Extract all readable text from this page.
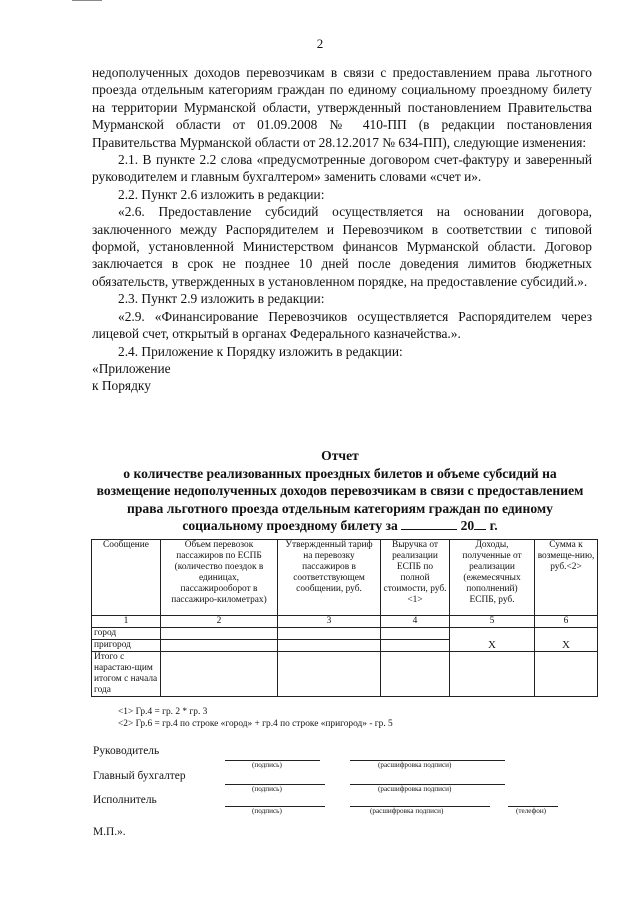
2

недополученных доходов перевозчикам в связи с предоставлением права льготного проезда отдельным категориям граждан по единому социальному проездному билету на территории Мурманской области, утвержденный постановлением Правительства Мурманской области от 01.09.2008 № 410-ПП (в редакции постановления Правительства Мурманской области от 28.12.2017 № 634-ПП), следующие изменения:

2.1. В пункте 2.2 слова «предусмотренные договором счет-фактуру и заверенный руководителем и главным бухгалтером» заменить словами «счет и».

2.2. Пункт 2.6 изложить в редакции:

«2.6. Предоставление субсидий осуществляется на основании договора, заключенного между Распорядителем и Перевозчиком в соответствии с типовой формой, установленной Министерством финансов Мурманской области. Договор заключается в срок не позднее 10 дней после доведения лимитов бюджетных обязательств, утвержденных в установленном порядке, на предоставление субсидий.».

2.3. Пункт 2.9 изложить в редакции:

«2.9. «Финансирование Перевозчиков осуществляется Распорядителем через лицевой счет, открытый в органах Федерального казначейства.».

2.4. Приложение к Порядку изложить в редакции:

«Приложение

к Порядку

Отчет
о количестве реализованных проездных билетов и объеме субсидий на возмещение недополученных доходов перевозчикам в связи с предоставлением права льготного проезда отдельным категориям граждан по единому социальному проездному билету за	20 г.
Сообщение	Объем перевозок пассажиров по ЕСПБ (количество поездок в единицах, пассажирооборот в пассажиро-километрах)	Утвержденный тариф на перевозку пассажиров в соответствующем сообщении, руб.	Выручка от реализации ЕСПБ по полной стоимости, руб. <1>	Доходы, полученные от реализации (ежемесячных пополнений) ЕСПБ, руб.	Сумма к возмеще-нию, руб.<2>
1	2	3	4	5	6
город				Х	Х
пригород					
Итого с нарастаю-щим итогом с начала года					
<1> Гр.4 = гр. 2 * гр. 3
<2> Гр.6 = гр.4 по строке «город» + гр.4 по строке «пригород» - гр. 5
Руководитель
(подпись)	(расшифровка подписи)
Главный бухгалтер
(подпись)	(расшифровка подписи)
Исполнитель
(подпись)	(расшифровка подписи)	(телефон)
М.П.».
